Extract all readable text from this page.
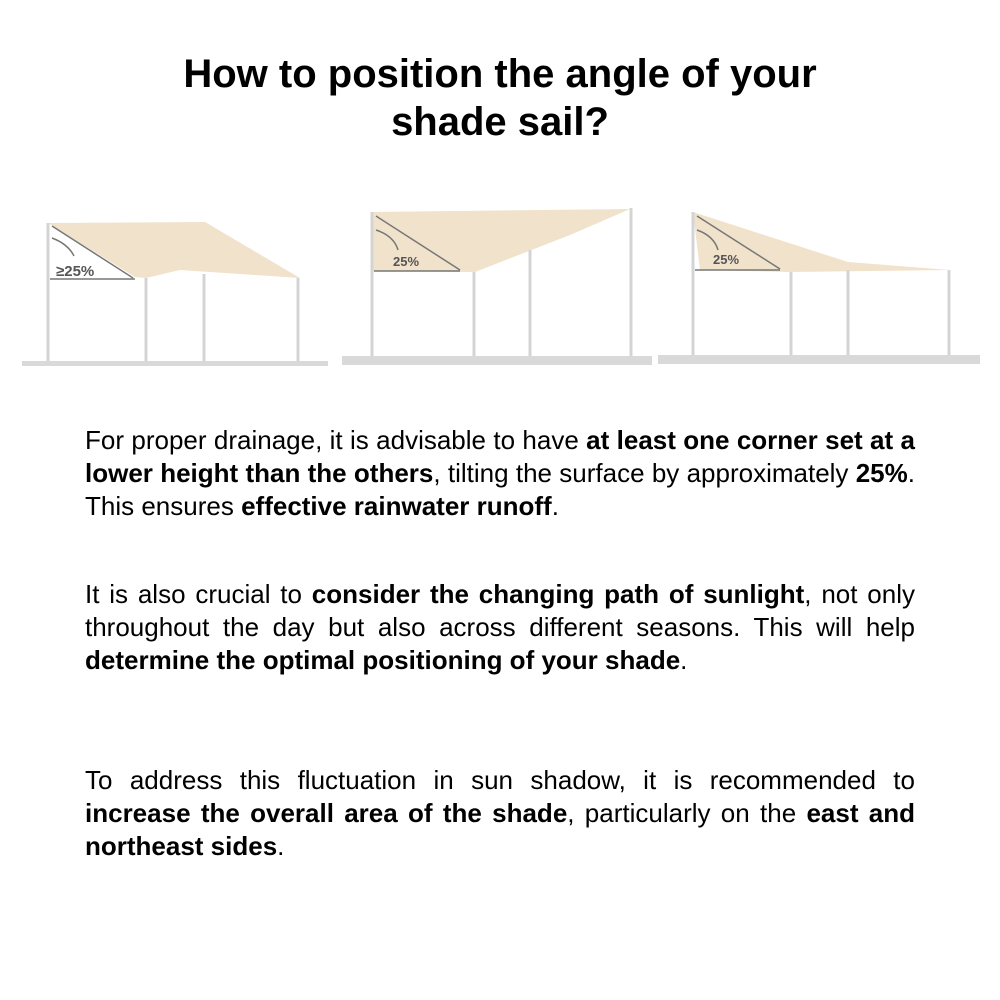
How to position the angle of your
shade sail?
≥25%
25%	25%

For proper drainage, it is advisable to have at least one corner set at a lower height than the others, tilting the surface by approximately 25%. This ensures effective rainwater runoff.

It is also crucial to consider the changing path of sunlight, not only throughout the day but also across different seasons. This will help determine the optimal positioning of your shade.

To address this fluctuation in sun shadow, it is recommended to increase the overall area of the shade, particularly on the east and northeast sides.
